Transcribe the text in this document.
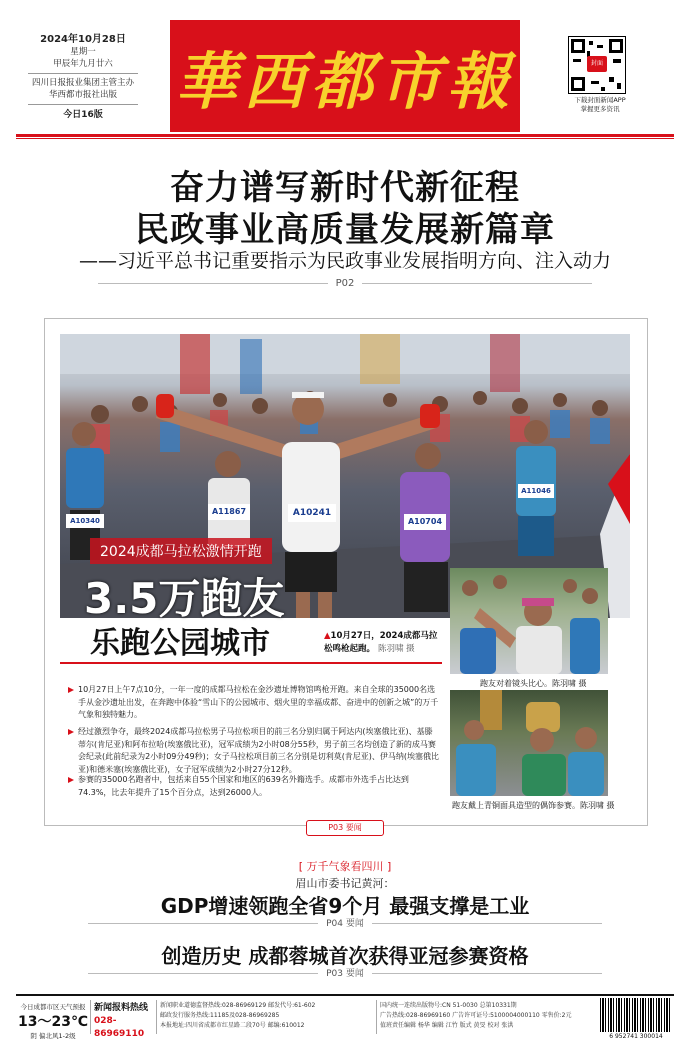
2024年10月28日
星期一
甲辰年九月廿六
四川日报报业集团主管主办
华西都市报社出版
今日16版	華西都市報	封面
下载封面新闻APP
掌握更多资讯
奋力谱写新时代新征程
民政事业高质量发展新篇章
——习近平总书记重要指示为民政事业发展指明方向、注入动力
P02
A11867	A10241
A10704
A10340
A11046
2024成都马拉松激情开跑
3.5万跑友
乐跑公园城市	▲10月27日，2024成都马拉松鸣枪起跑。 陈羽啸 摄
10月27日上午7点10分，一年一度的成都马拉松在金沙遗址博物馆鸣枪开跑。来自全球的35000名选手从金沙遗址出发，在奔跑中体验“雪山下的公园城市、烟火里的幸福成都、奋进中的创新之城”的万千气象和独特魅力。
经过激烈争夺，最终2024成都马拉松男子马拉松项目的前三名分别归属于阿达内(埃塞俄比亚)、基滕蒂尔(肯尼亚)和阿布拉哈(埃塞俄比亚)，冠军成绩为2小时08分55秒，男子前三名均创造了新的成马赛会纪录(此前纪录为2小时09分49秒)；女子马拉松项目前三名分别是切利莫(肯尼亚)、伊马纳(埃塞俄比亚)和德米塞(埃塞俄比亚)，女子冠军成绩为2小时27分12秒。
参赛的35000名跑者中，包括来自55个国家和地区的639名外籍选手。成都市外选手占比达到74.3%，比去年提升了15个百分点，达到26000人。
跑友对着镜头比心。陈羽啸 摄
跑友戴上青铜面具造型的偶饰参赛。陈羽啸 摄
P03 要闻
[ 万千气象看四川 ]
眉山市委书记黄河：
GDP增速领跑全省9个月 最强支撑是工业
P04 要闻
创造历史 成都蓉城首次获得亚冠参赛资格
P03 要闻
今日成都市区天气预报
13～23℃
阴 偏北风1-2级
新闻报料热线
028-86969110
新闻职业道德监督热线:028-86969129 邮发代号:61-602
邮政发行服务热线:11185及028-86969285
本报地址:四川省成都市红星路二段70号 邮编:610012
国内统一连续出版物号:CN 51-0030 总第10331期
广告热线:028-86969160 广告许可证号:5100004000110 零售价:2元
值班责任编辑 杨华 编辑 江竹 版式 黄旻 校对 张洪
6 952741 300014
